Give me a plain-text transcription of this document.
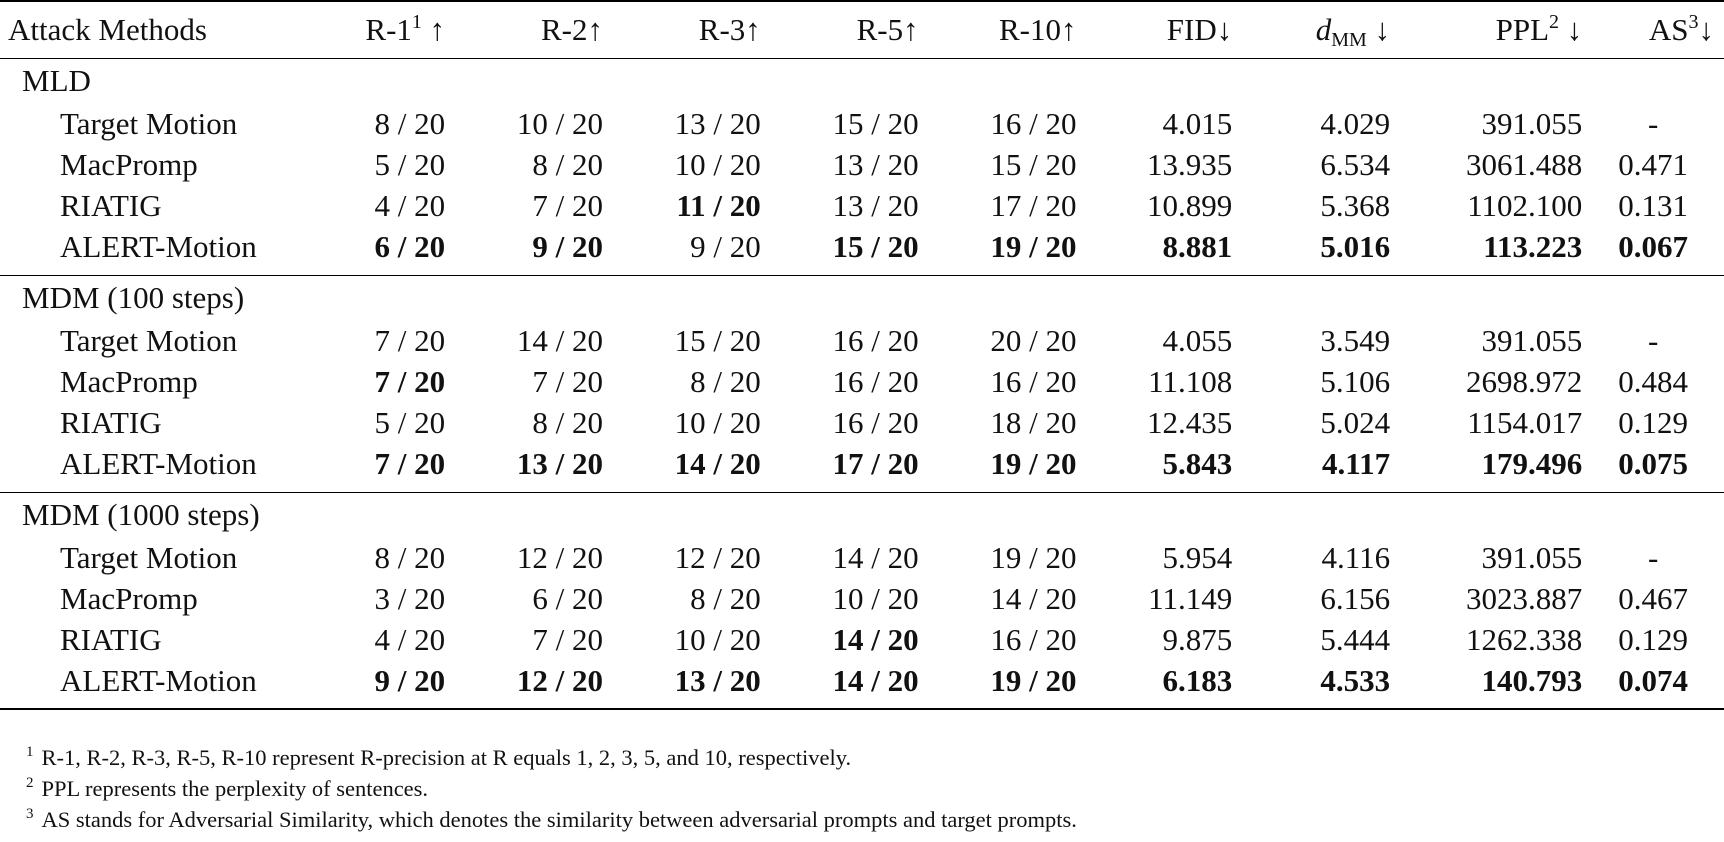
Attack Methods	$R-1^1$ ↑	R-2↑	R-3↑	R-5↑	R-10↑	FID↓	$d_{MM}$ ↓	PPL$^2$ ↓	$AS^3↓$
MLD									
Target Motion	8 / 20	10 / 20	13 / 20	15 / 20	16 / 20	4.015	4.029	391.055	-
MacPromp	5 / 20	8 / 20	10 / 20	13 / 20	15 / 20	13.935	6.534	3061.488	0.471
RIATIG	4 / 20	7 / 20	11 / 20	13 / 20	17 / 20	10.899	5.368	1102.100	0.131
ALERT-Motion	6 / 20	9 / 20	9 / 20	15 / 20	19 / 20	8.881	5.016	113.223	0.067

MDM (100 steps)									
Target Motion	7 / 20	14 / 20	15 / 20	16 / 20	20 / 20	4.055	3.549	391.055	-
MacPromp	7 / 20	7 / 20	8 / 20	16 / 20	16 / 20	11.108	5.106	2698.972	0.484
RIATIG	5 / 20	8 / 20	10 / 20	16 / 20	18 / 20	12.435	5.024	1154.017	0.129
ALERT-Motion	7 / 20	13 / 20	14 / 20	17 / 20	19 / 20	5.843	4.117	179.496	0.075

MDM (1000 steps)									
Target Motion	8 / 20	12 / 20	12 / 20	14 / 20	19 / 20	5.954	4.116	391.055	-
MacPromp	3 / 20	6 / 20	8 / 20	10 / 20	14 / 20	11.149	6.156	3023.887	0.467
RIATIG	4 / 20	7 / 20	10 / 20	14 / 20	16 / 20	9.875	5.444	1262.338	0.129
ALERT-Motion	9 / 20	12 / 20	13 / 20	14 / 20	19 / 20	6.183	4.533	140.793	0.074

$^1$ R-1, R-2, R-3, R-5, R-10 represent R-precision at R equals 1, 2, 3, 5, and 10, respectively.
$^2$ PPL represents the perplexity of sentences.
$^3$ AS stands for Adversarial Similarity, which denotes the similarity between adversarial prompts and target prompts.
